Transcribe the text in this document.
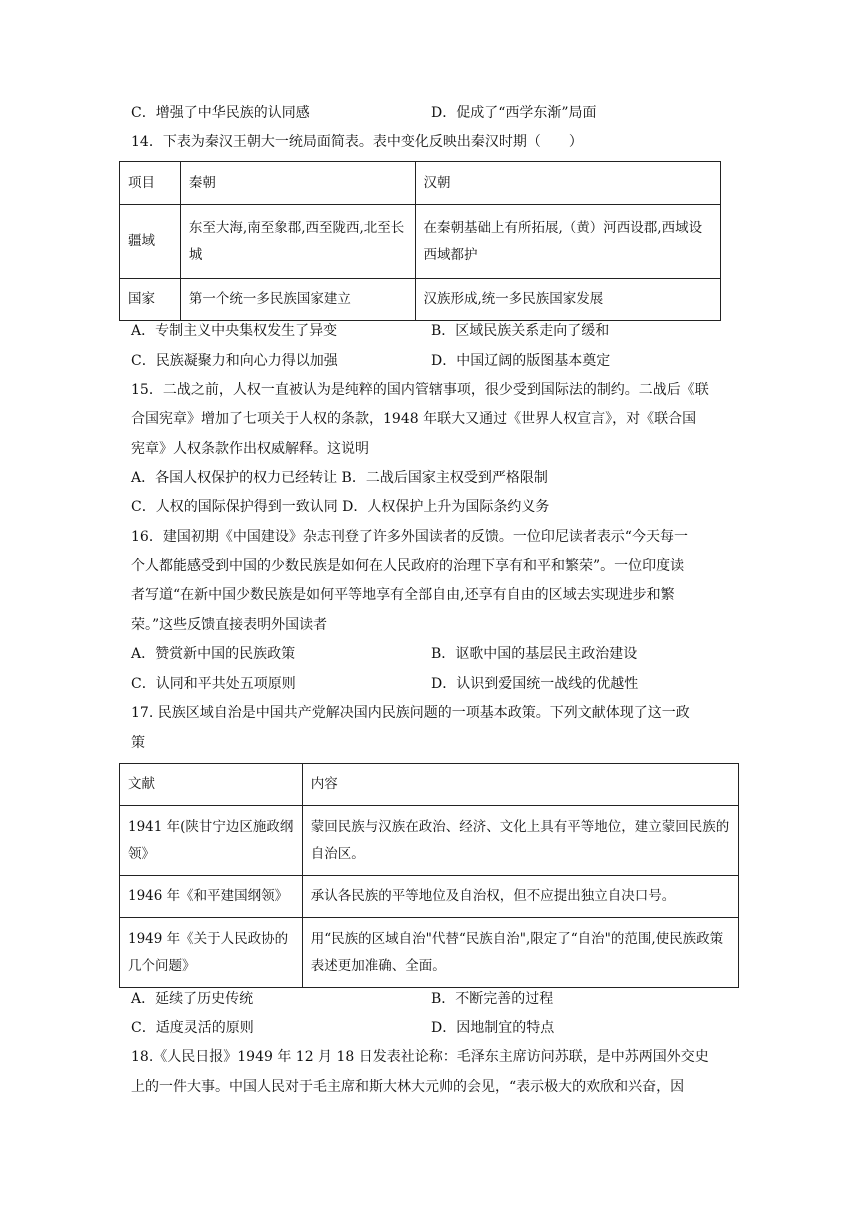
C．增强了中华民族的认同感	D．促成了“西学东渐”局面
14．下表为秦汉王朝大一统局面简表。表中变化反映出秦汉时期（　　）
项目	秦朝	汉朝
疆域	东至大海,南至象郡,西至陇西,北至长城	在秦朝基础上有所拓展,（黄）河西设郡,西域设西域都护
国家	第一个统一多民族国家建立	汉族形成,统一多民族国家发展
A．专制主义中央集权发生了异变	B．区域民族关系走向了缓和
C．民族凝聚力和向心力得以加强	D．中国辽阔的版图基本奠定
15．二战之前，人权一直被认为是纯粹的国内管辖事项，很少受到国际法的制约。二战后《联
合国宪章》增加了七项关于人权的条款，1948 年联大又通过《世界人权宣言》，对《联合国
宪章》人权条款作出权威解释。这说明
A．各国人权保护的权力已经转让 B．二战后国家主权受到严格限制
C．人权的国际保护得到一致认同 D．人权保护上升为国际条约义务
16．建国初期《中国建设》杂志刊登了许多外国读者的反馈。一位印尼读者表示“今天每一
个人都能感受到中国的少数民族是如何在人民政府的治理下享有和平和繁荣”。一位印度读
者写道“在新中国少数民族是如何平等地享有全部自由,还享有自由的区域去实现进步和繁
荣。”这些反馈直接表明外国读者
A．赞赏新中国的民族政策	B．讴歌中国的基层民主政治建设
C．认同和平共处五项原则	D．认识到爱国统一战线的优越性
17. 民族区域自治是中国共产党解决国内民族问题的一项基本政策。下列文献体现了这一政
策
文献	内容
1941 年(陕甘宁边区施政纲领》	蒙回民族与汉族在政治、经济、文化上具有平等地位，建立蒙回民族的自治区。
1946 年《和平建国纲领》	承认各民族的平等地位及自治权，但不应提出独立自决口号。
1949 年《关于人民政协的几个问题》	用“民族的区域自治"代替“民族自治",限定了“自治"的范围,使民族政策表述更加准确、全面。
A．延续了历史传统	B．不断完善的过程
C．适度灵活的原则	D．因地制宜的特点
18.《人民日报》1949 年 12 月 18 日发表社论称：毛泽东主席访问苏联，是中苏两国外交史
上的一件大事。中国人民对于毛主席和斯大林大元帅的会见，“表示极大的欢欣和兴奋，因
